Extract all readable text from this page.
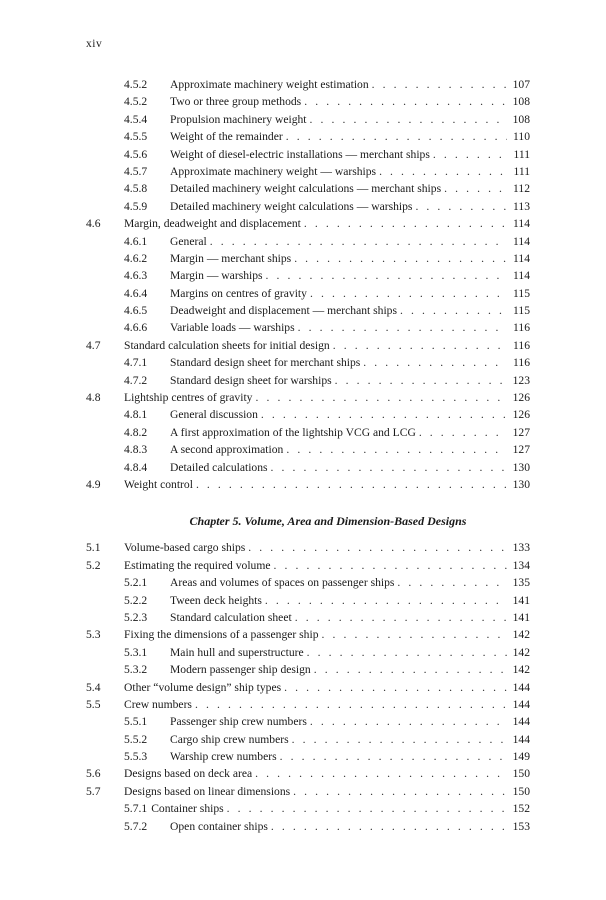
xiv
4.5.2	Approximate machinery weight estimation . . .	107
4.5.2	Two or three group methods . . .	108
4.5.4	Propulsion machinery weight . . .	108
4.5.5	Weight of the remainder . . .	110
4.5.6	Weight of diesel-electric installations — merchant ships . . .	111
4.5.7	Approximate machinery weight — warships . . .	111
4.5.8	Detailed machinery weight calculations — merchant ships . . .	112
4.5.9	Detailed machinery weight calculations — warships . . .	113
4.6	Margin, deadweight and displacement . . .	114
4.6.1	General . . .	114
4.6.2	Margin — merchant ships . . .	114
4.6.3	Margin — warships . . .	114
4.6.4	Margins on centres of gravity . . .	115
4.6.5	Deadweight and displacement — merchant ships . . .	115
4.6.6	Variable loads — warships . . .	116
4.7	Standard calculation sheets for initial design . . .	116
4.7.1	Standard design sheet for merchant ships . . .	116
4.7.2	Standard design sheet for warships . . .	123
4.8	Lightship centres of gravity . . .	126
4.8.1	General discussion . . .	126
4.8.2	A first approximation of the lightship VCG and LCG . . .	127
4.8.3	A second approximation . . .	127
4.8.4	Detailed calculations . . .	130
4.9	Weight control . . .	130
Chapter 5. Volume, Area and Dimension-Based Designs
5.1	Volume-based cargo ships . . .	133
5.2	Estimating the required volume . . .	134
5.2.1	Areas and volumes of spaces on passenger ships . . .	135
5.2.2	Tween deck heights . . .	141
5.2.3	Standard calculation sheet . . .	141
5.3	Fixing the dimensions of a passenger ship . . .	142
5.3.1	Main hull and superstructure . . .	142
5.3.2	Modern passenger ship design . . .	142
5.4	Other “volume design” ship types . . .	144
5.5	Crew numbers . . .	144
5.5.1	Passenger ship crew numbers . . .	144
5.5.2	Cargo ship crew numbers . . .	144
5.5.3	Warship crew numbers . . .	149
5.6	Designs based on deck area . . .	150
5.7	Designs based on linear dimensions . . .	150
5.7.1 Container ships . . .	152
5.7.2	Open container ships . . .	153
